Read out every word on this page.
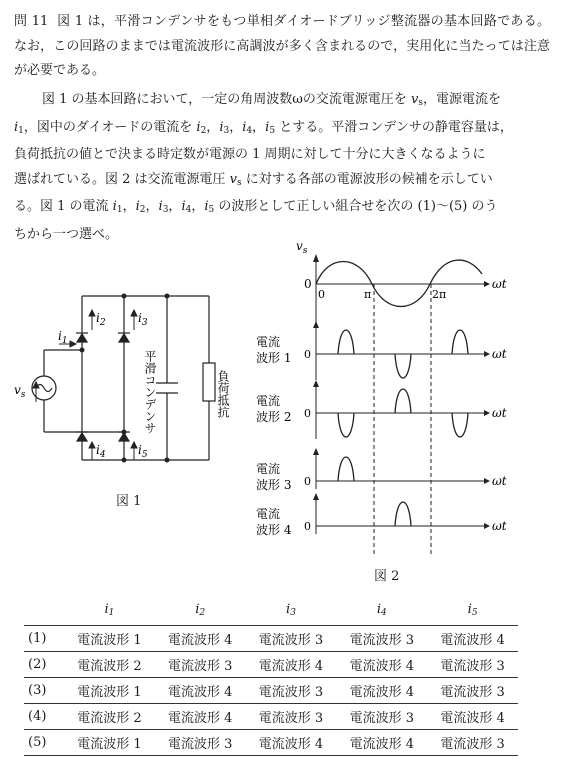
問 11 図 1 は，平滑コンデンサをもつ単相ダイオードブリッジ整流器の基本回路である。なお，この回路のままでは電流波形に高調波が多く含まれるので，実用化に当たっては注意が必要である。
図 1 の基本回路において，一定の角周波数ωの交流電源電圧を $v_s$，電源電流を
$i_1$，図中のダイオードの電流を $i_2$，$i_3$，$i_4$，$i_5$ とする。平滑コンデンサの静電容量は，
負荷抵抗の値とで決まる時定数が電源の 1 周期に対して十分に大きくなるように
選ばれている。図 2 は交流電源電圧 $v_s$ に対する各部の電源波形の候補を示してい
る。図 1 の電流 $i_1$，$i_2$，$i_3$，$i_4$，$i_5$ の波形として正しい組合せを次の (1)～(5) のう
ちから一つ選べ。
$i_2$	$i_3$
$i_4$	$i_5$
$i_1$
$v_s$	平滑コンデンサ	負荷抵抗
図 1
$v_s$
0
0	π	2π
ωt
電流
波形 1 0	ωt
電流
波形 2 0	ωt
電流
波形 3 0	ωt
電流
波形 4 0	ωt
図 2
	$i_1$	$i_2$	$i_3$	$i_4$	$i_5$
(1)	電流波形 1	電流波形 4	電流波形 3	電流波形 3	電流波形 4
(2)	電流波形 2	電流波形 3	電流波形 4	電流波形 4	電流波形 3
(3)	電流波形 1	電流波形 4	電流波形 3	電流波形 4	電流波形 3
(4)	電流波形 2	電流波形 4	電流波形 3	電流波形 3	電流波形 4
(5)	電流波形 1	電流波形 3	電流波形 4	電流波形 4	電流波形 3
